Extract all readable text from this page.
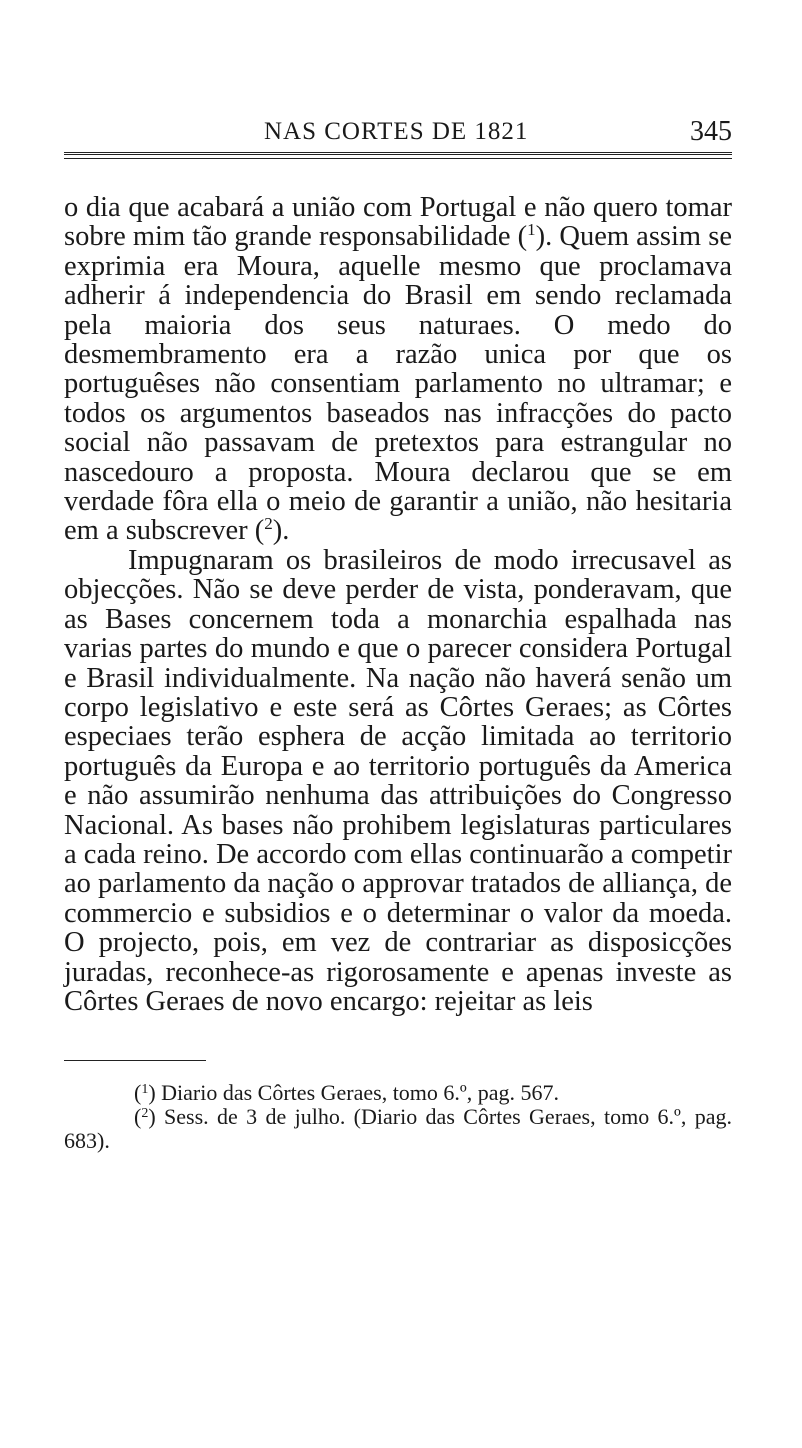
NAS CORTES DE 1821	345

o dia que acabará a união com Portugal e não quero tomar sobre mim tão grande responsabilidade ($^1$). Quem assim se exprimia era Moura, aquelle mesmo que proclamava adherir á independencia do Brasil em sendo reclamada pela maioria dos seus naturaes. O medo do desmembramento era a razão unica por que os portuguêses não consentiam parlamento no ultramar; e todos os argumentos baseados nas infracções do pacto social não passavam de pretextos para estrangular no nascedouro a proposta. Moura declarou que se em verdade fôra ella o meio de garantir a união, não hesitaria em a subscrever ($^2$).

Impugnaram os brasileiros de modo irrecusavel as objecções. Não se deve perder de vista, ponderavam, que as Bases concernem toda a monarchia espalhada nas varias partes do mundo e que o parecer considera Portugal e Brasil individualmente. Na nação não haverá senão um corpo legislativo e este será as Côrtes Geraes; as Côrtes especiaes terão esphera de acção limitada ao territorio português da Europa e ao territorio português da America e não assumirão nenhuma das attribuições do Congresso Nacional. As bases não prohibem legislaturas particulares a cada reino. De accordo com ellas continuarão a competir ao parlamento da nação o approvar tratados de alliança, de commercio e subsidios e o determinar o valor da moeda. O projecto, pois, em vez de contrariar as disposicções juradas, reconhece-as rigorosamente e apenas investe as Côrtes Geraes de novo encargo: rejeitar as leis

($^1$) Diario das Côrtes Geraes, tomo 6.º, pag. 567.

($^2$) Sess. de 3 de julho. (Diario das Côrtes Geraes, tomo 6.º, pag. 683).
